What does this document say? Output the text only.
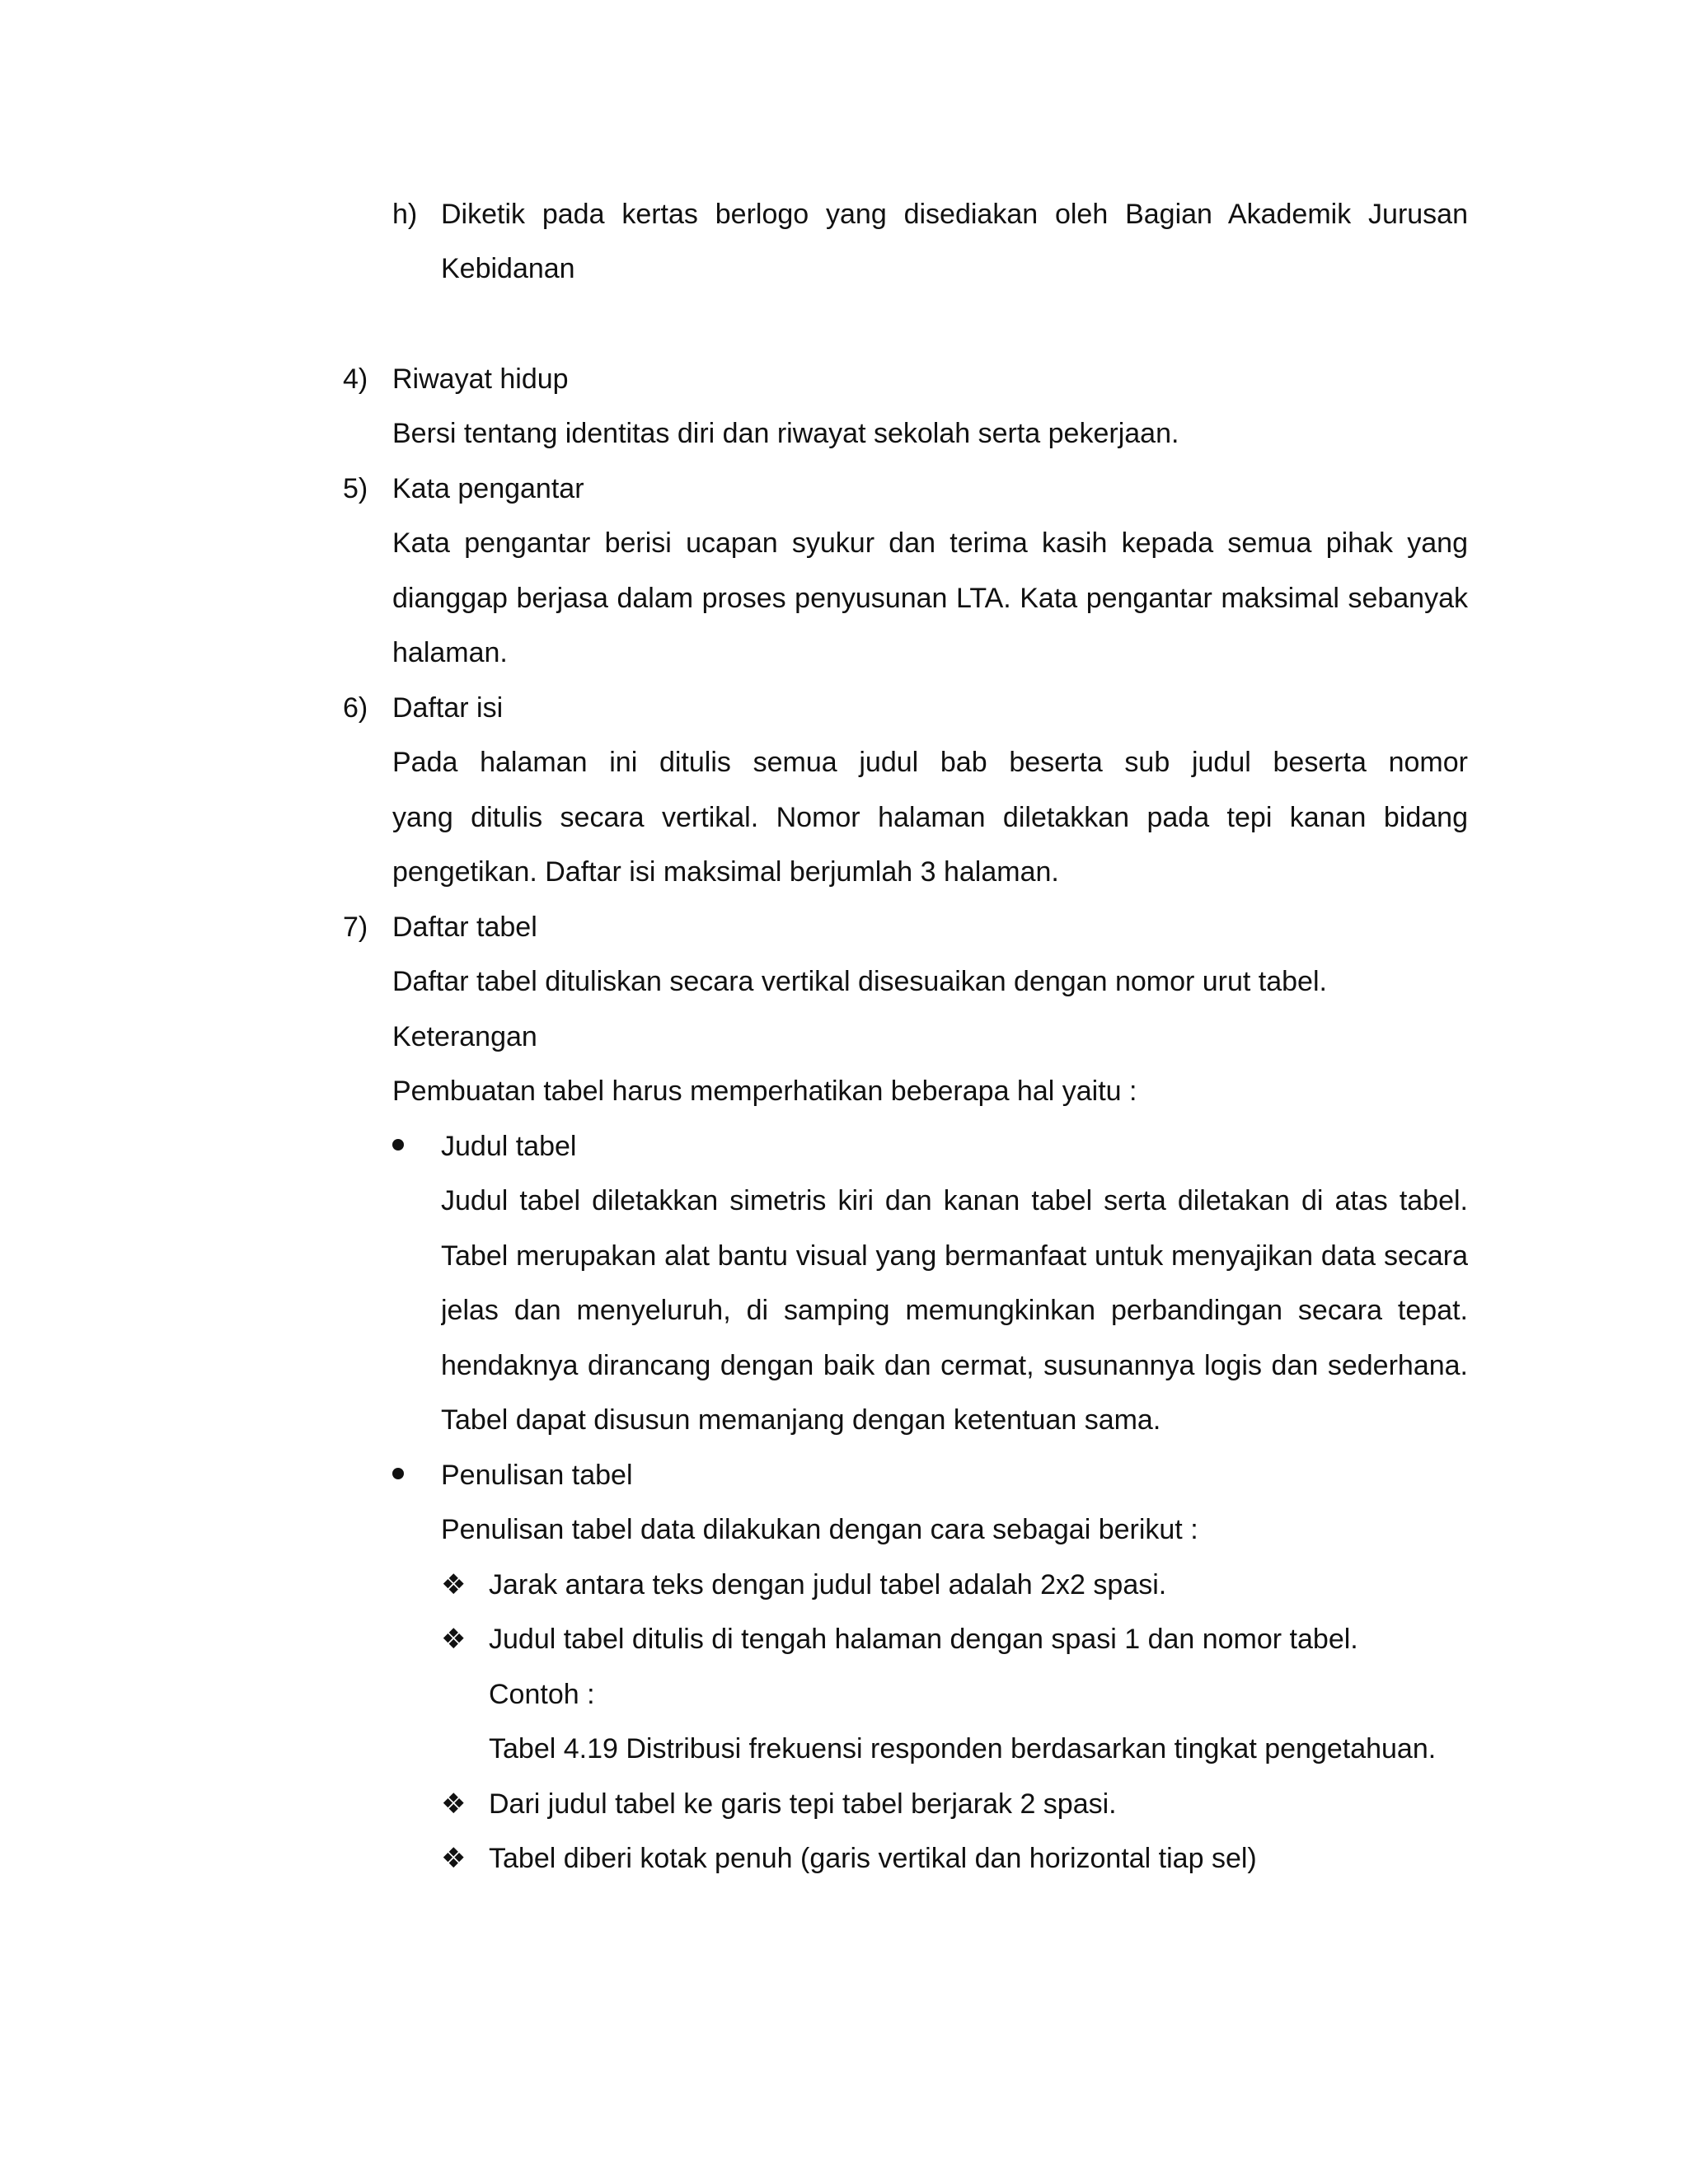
h) Diketik pada kertas berlogo yang disediakan oleh Bagian Akademik Jurusan
Kebidanan
4) Riwayat hidup
Bersi tentang identitas diri dan riwayat sekolah serta pekerjaan.
5) Kata pengantar
Kata pengantar berisi ucapan syukur dan terima kasih kepada semua pihak yang
dianggap berjasa dalam proses penyusunan LTA. Kata pengantar maksimal sebanyak
halaman.
6) Daftar isi
Pada halaman ini ditulis semua judul bab beserta sub judul beserta nomor
yang ditulis secara vertikal. Nomor halaman diletakkan pada tepi kanan bidang
pengetikan. Daftar isi maksimal berjumlah 3 halaman.
7) Daftar tabel
Daftar tabel dituliskan secara vertikal disesuaikan dengan nomor urut tabel.
Keterangan
Pembuatan tabel harus memperhatikan beberapa hal yaitu :
Judul tabel
Judul tabel diletakkan simetris kiri dan kanan tabel serta diletakan di atas tabel.
Tabel merupakan alat bantu visual yang bermanfaat untuk menyajikan data secara
jelas dan menyeluruh, di samping memungkinkan perbandingan secara tepat.
hendaknya dirancang dengan baik dan cermat, susunannya logis dan sederhana.
Tabel dapat disusun memanjang dengan ketentuan sama.
Penulisan tabel
Penulisan tabel data dilakukan dengan cara sebagai berikut :
❖ Jarak antara teks dengan judul tabel adalah 2x2 spasi.
❖ Judul tabel ditulis di tengah halaman dengan spasi 1 dan nomor tabel.
Contoh :
Tabel 4.19 Distribusi frekuensi responden berdasarkan tingkat pengetahuan.
❖ Dari judul tabel ke garis tepi tabel berjarak 2 spasi.
❖ Tabel diberi kotak penuh (garis vertikal dan horizontal tiap sel)
